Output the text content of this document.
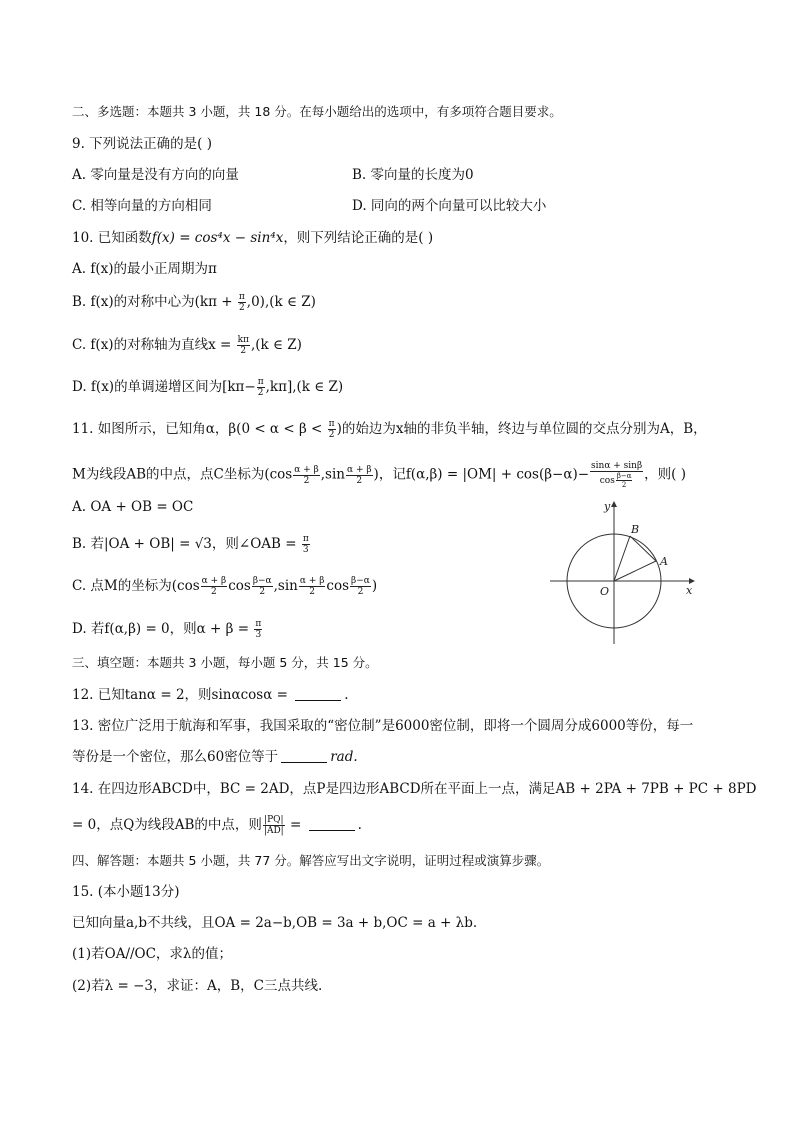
二、多选题：本题共 3 小题，共 18 分。在每小题给出的选项中，有多项符合题目要求。
9. 下列说法正确的是( )
A. 零向量是没有方向的向量	B. 零向量的长度为0
C. 相等向量的方向相同	D. 同向的两个向量可以比较大小
10. 已知函数f(x) = cos⁴x − sin⁴x，则下列结论正确的是( )
A. f(x)的最小正周期为π
B. f(x)的对称中心为$(k\pi + \frac{\pi}{2} ,0),(k$ ∈ Z)
C. f(x)的对称轴为直线$x = \frac{k\pi}{2} ,(k$ ∈ Z)
D. f(x)的单调递增区间为$[k\pi- \frac{\pi}{2} ,k\pi],(k$ ∈ Z)
11. 如图所示，已知角α，$\beta(0 < \alpha < \beta < \frac{\pi}{2}$ )的始边为x轴的非负半轴，终边与单位圆的交点分别为A，B，
M为线段AB的中点，点C坐标为($\cos \frac{\alpha + \beta}{2} ,\sin \frac{\alpha + \beta}{2}$ )，记$f(\alpha,\beta) = |OM| + \cos(\beta-\alpha)- \frac{\sin\alpha + \sin\beta}{\cos \frac{\beta-\alpha}{2}}$ ，则( )
A. OA + OB = OC
B. 若|OA + OB| = √3，则∠OAB = $\frac{\pi}{3}$
C. 点M的坐标为($\cos \frac{\alpha + \beta}{2}$ $\cos \frac{\beta-\alpha}{2} ,\sin \frac{\alpha + \beta}{2}$ $\cos \frac{\beta-\alpha}{2}$ )
D. 若f(α,β) = 0，则$\alpha + \beta = \frac{\pi}{3}$
B
A
O	x
y
三、填空题：本题共 3 小题，每小题 5 分，共 15 分。
12. 已知tanα = 2，则sinαcosα =	.
13. 密位广泛用于航海和军事，我国采取的“密位制”是6000密位制，即将一个圆周分成6000等份，每一
等份是一个密位，那么60密位等于	rad.
14. 在四边形ABCD中，BC = 2AD，点P是四边形ABCD所在平面上一点，满足AB + 2PA + 7PB + PC + 8PD
= 0，点Q为线段AB的中点，则 $\frac{|PQ|}{|AD|}$ =	.
四、解答题：本题共 5 小题，共 77 分。解答应写出文字说明，证明过程或演算步骤。
15. (本小题13分)
已知向量a,b不共线，且OA = 2a−b,OB = 3a + b,OC = a + λb.
(1)若OA//OC，求λ的值；
(2)若λ = −3，求证：A，B，C三点共线.
